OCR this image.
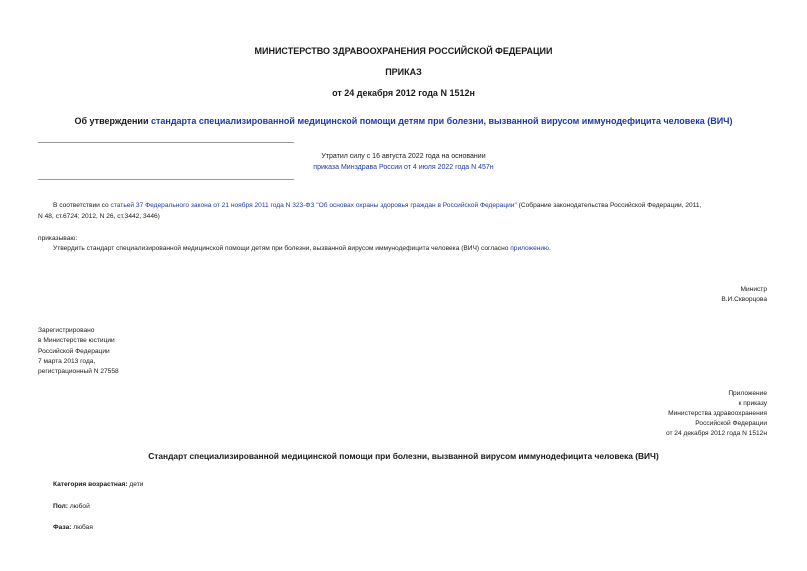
МИНИСТЕРСТВО ЗДРАВООХРАНЕНИЯ РОССИЙСКОЙ ФЕДЕРАЦИИ
ПРИКАЗ
от 24 декабря 2012 года N 1512н
Об утверждении стандарта специализированной медицинской помощи детям при болезни, вызванной вирусом иммунодефицита человека (ВИЧ)
Утратил силу с 16 августа 2022 года на основании
приказа Минздрава России от 4 июля 2022 года N 457н
В соответствии со статьей 37 Федерального закона от 21 ноября 2011 года N 323-ФЗ "Об основах охраны здоровья граждан в Российской Федерации" (Собрание законодательства Российской Федерации, 2011,
N 48, ст.6724; 2012, N 26, ст.3442, 3446)
приказываю:
Утвердить стандарт специализированной медицинской помощи детям при болезни, вызванной вирусом иммунодефицита человека (ВИЧ) согласно приложению.
Министр
В.И.Скворцова
Зарегистрировано
в Министерстве юстиции
Российской Федерации
7 марта 2013 года,
регистрационный N 27558
Приложение
к приказу
Министерства здравоохранения
Российской Федерации
от 24 декабря 2012 года N 1512н
Стандарт специализированной медицинской помощи при болезни, вызванной вирусом иммунодефицита человека (ВИЧ)
Категория возрастная: дети
Пол: любой
Фаза: любая
